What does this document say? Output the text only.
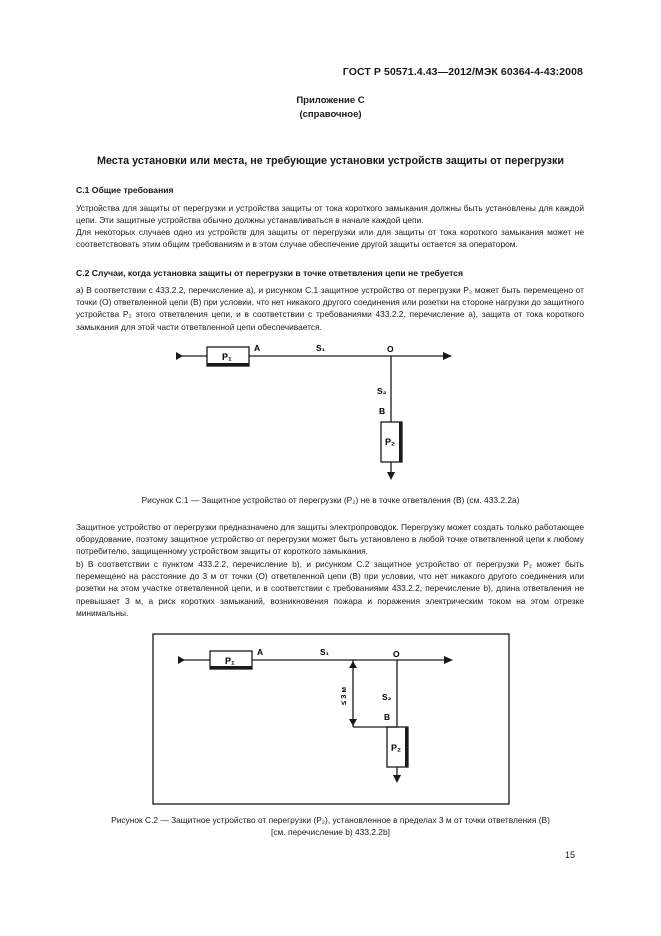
ГОСТ Р 50571.4.43—2012/МЭК 60364-4-43:2008
Приложение С
(справочное)
Места установки или места, не требующие установки устройств защиты от перегрузки
С.1 Общие требования
Устройства для защиты от перегрузки и устройства защиты от тока короткого замыкания должны быть установлены для каждой цепи. Эти защитные устройства обычно должны устанавливаться в начале каждой цепи.
Для некоторых случаев одно из устройств для защиты от перегрузки или для защиты от тока короткого замыкания может не соответствовать этим общим требованиям и в этом случае обеспечение другой защиты остается за оператором.
С.2 Случаи, когда установка защиты от перегрузки в точке ответвления цепи не требуется
а) В соответствии с 433.2.2, перечисление а), и рисунком С.1 защитное устройство от перегрузки P₂ может быть перемещено от точки (О) ответвленной цепи (В) при условии, что нет никакого другого соединения или розетки на стороне нагрузки до защитного устройства P₂ этого ответвления цепи, и в соответствии с требованиями 433.2.2, перечисление а), защита от тока короткого замыкания для этой части ответвленной цепи обеспечивается.
P₁
A	S₁	O
S₂
B
P₂
Рисунок С.1 — Защитное устройство от перегрузки (P₂) не в точке ответвления (В) (см. 433.2.2а)
Защитное устройство от перегрузки предназначено для защиты электропроводок. Перегрузку может создать только работающее оборудование, поэтому защитное устройство от перегрузки может быть установлено в любой точке ответвленной цепи к любому потребителю, защищенному устройством защиты от короткого замыкания.
b) В соответствии с пунктом 433.2.2, перечисление b), и рисунком С.2 защитное устройство от перегрузки P₂ может быть перемещено на расстояние до 3 м от точки (О) ответвленной цепи (В) при условии, что нет никакого другого соединения или розетки на этом участке ответвленной цепи, и в соответствии с требованиями 433.2.2, перечисление b), длина ответвления не превышает 3 м, а риск коротких замыканий, возникновения пожара и поражения электрическим током на этом отрезке минимальны.
P₁
A	S₁	O
S₂
B
P₂
≤ 3 м
Рисунок С.2 — Защитное устройство от перегрузки (P₂), установленное в пределах 3 м от точки ответвления (В)
[см. перечисление b) 433.2.2b]
15
